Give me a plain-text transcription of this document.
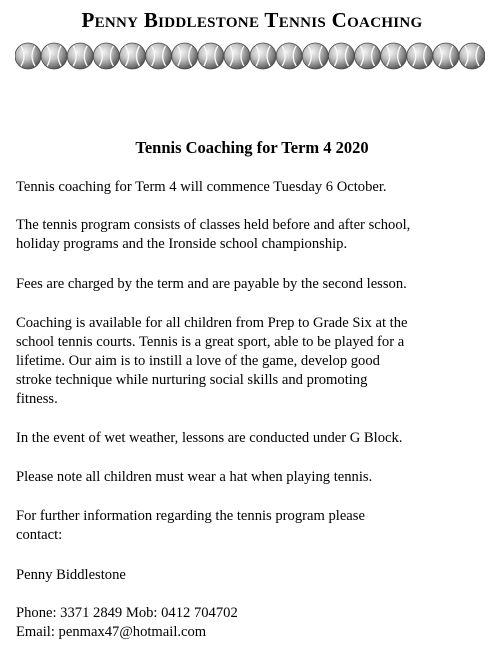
Penny Biddlestone Tennis Coaching
Tennis Coaching for Term 4 2020

Tennis coaching for Term 4 will commence Tuesday 6 October.

The tennis program consists of classes held before and after school,
holiday programs and the Ironside school championship.

Fees are charged by the term and are payable by the second lesson.

Coaching is available for all children from Prep to Grade Six at the
school tennis courts. Tennis is a great sport, able to be played for a
lifetime. Our aim is to instill a love of the game, develop good
stroke technique while nurturing social skills and promoting
fitness.

In the event of wet weather, lessons are conducted under G Block.

Please note all children must wear a hat when playing tennis.

For further information regarding the tennis program please
contact:

Penny Biddlestone

Phone: 3371 2849 Mob: 0412 704702
Email: penmax47@hotmail.com
